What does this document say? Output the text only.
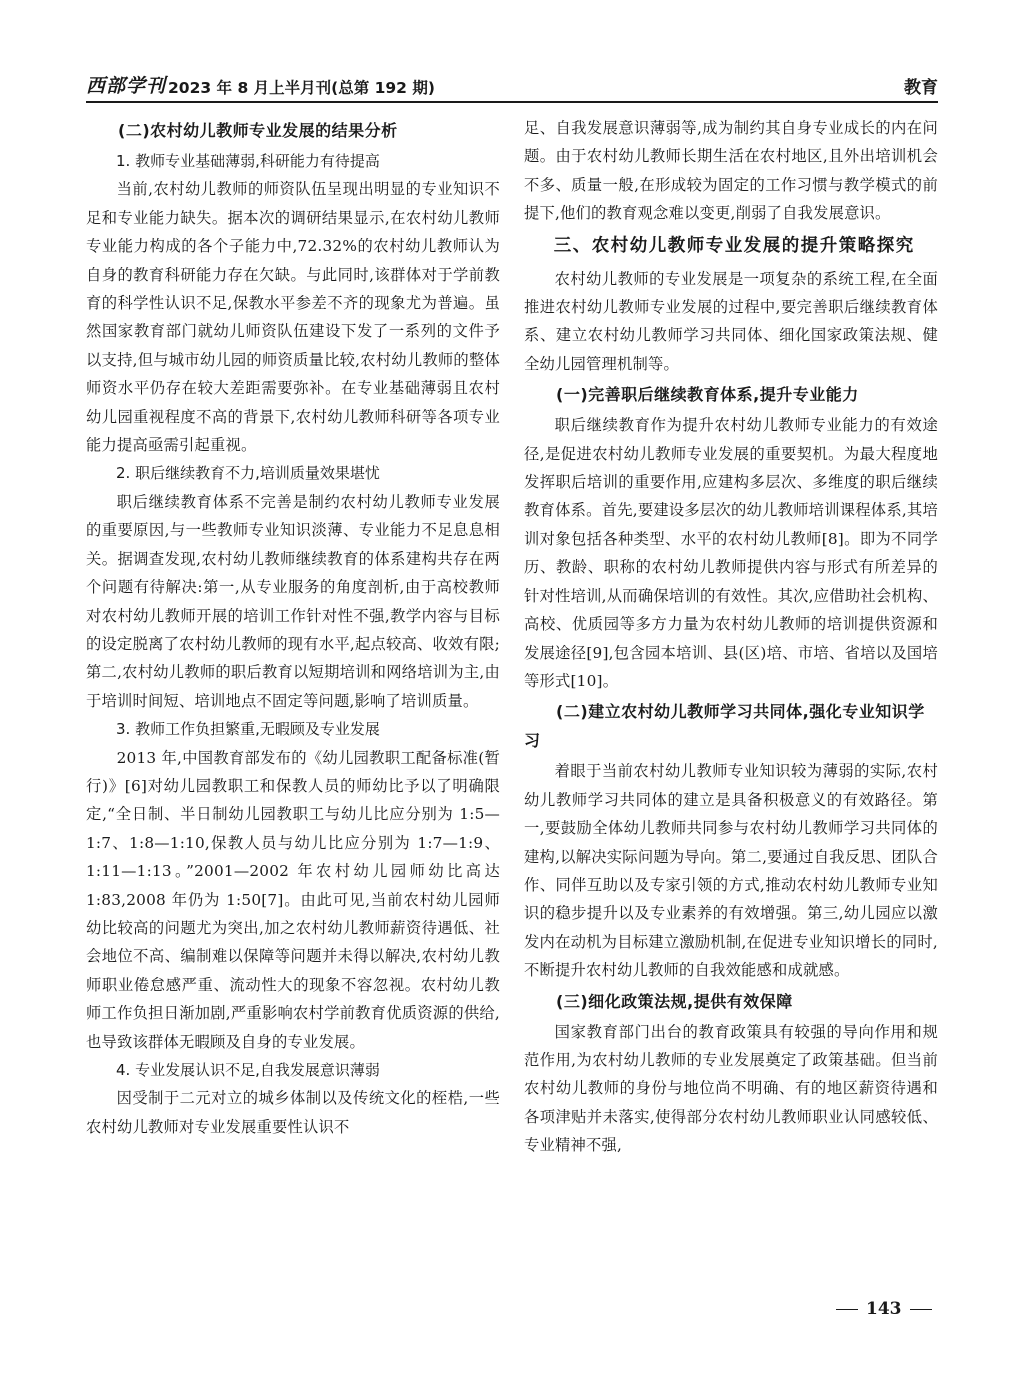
西部学刊 2023 年 8 月上半月刊(总第 192 期)	教育

(二)农村幼儿教师专业发展的结果分析

1. 教师专业基础薄弱,科研能力有待提高

当前,农村幼儿教师的师资队伍呈现出明显的专业知识不足和专业能力缺失。据本次的调研结果显示,在农村幼儿教师专业能力构成的各个子能力中,72.32%的农村幼儿教师认为自身的教育科研能力存在欠缺。与此同时,该群体对于学前教育的科学性认识不足,保教水平参差不齐的现象尤为普遍。虽然国家教育部门就幼儿师资队伍建设下发了一系列的文件予以支持,但与城市幼儿园的师资质量比较,农村幼儿教师的整体师资水平仍存在较大差距需要弥补。在专业基础薄弱且农村幼儿园重视程度不高的背景下,农村幼儿教师科研等各项专业能力提高亟需引起重视。

2. 职后继续教育不力,培训质量效果堪忧

职后继续教育体系不完善是制约农村幼儿教师专业发展的重要原因,与一些教师专业知识淡薄、专业能力不足息息相关。据调查发现,农村幼儿教师继续教育的体系建构共存在两个问题有待解决:第一,从专业服务的角度剖析,由于高校教师对农村幼儿教师开展的培训工作针对性不强,教学内容与目标的设定脱离了农村幼儿教师的现有水平,起点较高、收效有限;第二,农村幼儿教师的职后教育以短期培训和网络培训为主,由于培训时间短、培训地点不固定等问题,影响了培训质量。

3. 教师工作负担繁重,无暇顾及专业发展

2013 年,中国教育部发布的《幼儿园教职工配备标准(暂行)》[6]对幼儿园教职工和保教人员的师幼比予以了明确限定,“全日制、半日制幼儿园教职工与幼儿比应分别为 1:5—1:7、1:8—1:10,保教人员与幼儿比应分别为 1:7—1:9、1:11—1:13。”2001—2002 年农村幼儿园师幼比高达 1:83,2008 年仍为 1:50[7]。由此可见,当前农村幼儿园师幼比较高的问题尤为突出,加之农村幼儿教师薪资待遇低、社会地位不高、编制难以保障等问题并未得以解决,农村幼儿教师职业倦怠感严重、流动性大的现象不容忽视。农村幼儿教师工作负担日渐加剧,严重影响农村学前教育优质资源的供给,也导致该群体无暇顾及自身的专业发展。

4. 专业发展认识不足,自我发展意识薄弱

因受制于二元对立的城乡体制以及传统文化的桎梏,一些农村幼儿教师对专业发展重要性认识不

足、自我发展意识薄弱等,成为制约其自身专业成长的内在问题。由于农村幼儿教师长期生活在农村地区,且外出培训机会不多、质量一般,在形成较为固定的工作习惯与教学模式的前提下,他们的教育观念难以变更,削弱了自我发展意识。

三、农村幼儿教师专业发展的提升策略探究

农村幼儿教师的专业发展是一项复杂的系统工程,在全面推进农村幼儿教师专业发展的过程中,要完善职后继续教育体系、建立农村幼儿教师学习共同体、细化国家政策法规、健全幼儿园管理机制等。

(一)完善职后继续教育体系,提升专业能力

职后继续教育作为提升农村幼儿教师专业能力的有效途径,是促进农村幼儿教师专业发展的重要契机。为最大程度地发挥职后培训的重要作用,应建构多层次、多维度的职后继续教育体系。首先,要建设多层次的幼儿教师培训课程体系,其培训对象包括各种类型、水平的农村幼儿教师[8]。即为不同学历、教龄、职称的农村幼儿教师提供内容与形式有所差异的针对性培训,从而确保培训的有效性。其次,应借助社会机构、高校、优质园等多方力量为农村幼儿教师的培训提供资源和发展途径[9],包含园本培训、县(区)培、市培、省培以及国培等形式[10]。

(二)建立农村幼儿教师学习共同体,强化专业知识学习

着眼于当前农村幼儿教师专业知识较为薄弱的实际,农村幼儿教师学习共同体的建立是具备积极意义的有效路径。第一,要鼓励全体幼儿教师共同参与农村幼儿教师学习共同体的建构,以解决实际问题为导向。第二,要通过自我反思、团队合作、同伴互助以及专家引领的方式,推动农村幼儿教师专业知识的稳步提升以及专业素养的有效增强。第三,幼儿园应以激发内在动机为目标建立激励机制,在促进专业知识增长的同时,不断提升农村幼儿教师的自我效能感和成就感。

(三)细化政策法规,提供有效保障

国家教育部门出台的教育政策具有较强的导向作用和规范作用,为农村幼儿教师的专业发展奠定了政策基础。但当前农村幼儿教师的身份与地位尚不明确、有的地区薪资待遇和各项津贴并未落实,使得部分农村幼儿教师职业认同感较低、专业精神不强,

143
